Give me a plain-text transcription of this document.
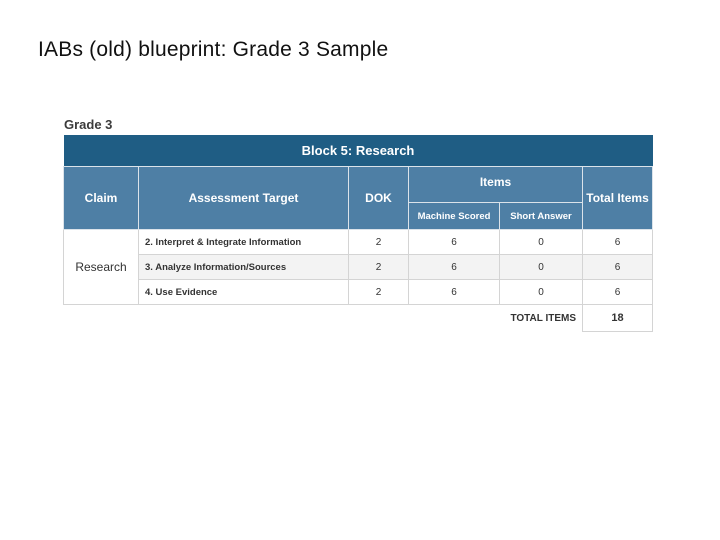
IABs (old) blueprint: Grade 3 Sample
Grade 3
Block 5: Research					
Claim	Assessment Target	DOK	Items		Total Items
			Machine Scored	Short Answer	
Research	2. Interpret & Integrate Information	2	6	0	6
	3. Analyze Information/Sources	2	6	0	6
	4. Use Evidence	2	6	0	6
			TOTAL ITEMS		18
